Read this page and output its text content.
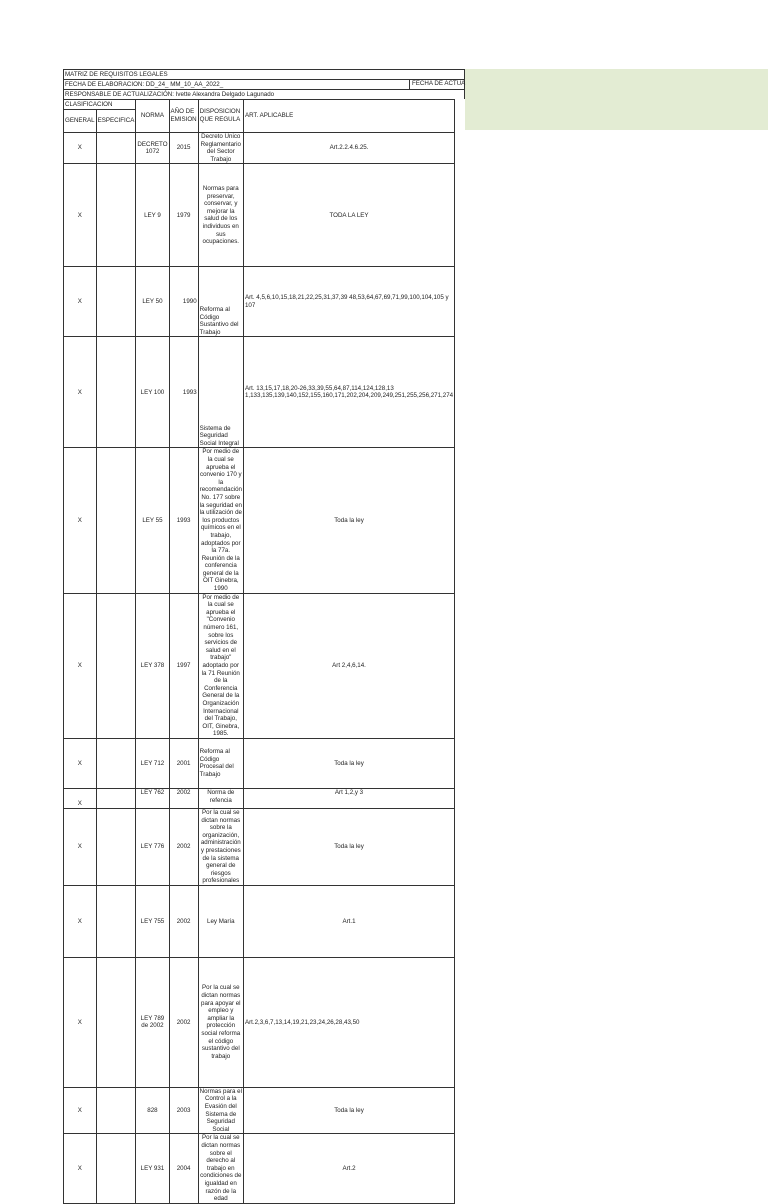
MATRIZ DE REQUISITOS LEGALES
FECHA DE ELABORACION: DD_24_ MM_10_AA_2022_
RESPONSABLE DE ACTUALIZACIÓN: Ivette Alexandra Delgado Lagunado
FECHA DE ACTUA
CLASIFICACION		NORMA	AÑO DE EMISION	DISPOSICION QUE REGULA	ART. APLICABLE
GENERAL	ESPECIFICA				
X		DECRETO 1072	2015	Decreto Único Reglamentario del Sector Trabajo	Art.2.2.4.6.25.
X		LEY 9	1979	Normas para preservar, conservar, y mejorar la salud de los individuos en sus ocupaciones.	TODA LA LEY
X		LEY 50	1990	Reforma al Código Sustantivo del Trabajo	Art. 4,5,6,10,15,18,21,22,25,31,37,39 48,53,64,67,69,71,99,100,104,105 y 107
X		LEY 100	1993	Sistema de Seguridad Social Integral	Art. 13,15,17,18,20-26,33,39,55,64,87,114,124,128,13 1,133,135,139,140,152,155,160,171,202,204,209,249,251,255,256,271,274
X		LEY 55	1993	Por medio de la cual se aprueba el convenio 170 y la recomendación No. 177 sobre la seguridad en la utilización de los productos químicos en el trabajo, adoptados por la 77a. Reunión de la conferencia general de la OIT Ginebra, 1990	Toda la ley
X		LEY 378	1997	Por medio de la cual se aprueba el "Convenio número 161, sobre los servicios de salud en el trabajo" adoptado por la 71 Reunión de la Conferencia General de la Organización Internacional del Trabajo, OIT, Ginebra, 1985.	Art 2,4,6,14.
X		LEY 712	2001	Reforma al Código Procesal del Trabajo	Toda la ley
X		LEY 762	2002	Norma de refencia	Art 1,2,y 3
X		LEY 776	2002	Por la cual se dictan normas sobre la organización, administración y prestaciones de la sistema general de riesgos profesionales	Toda la ley
X		LEY 755	2002	Ley María	Art.1
X		LEY 789 de 2002	2002	Por la cual se dictan normas para apoyar el empleo y ampliar la protección social reforma el código sustantivo del trabajo	Art.2,3,6,7,13,14,19,21,23,24,26,28,43,50
X		828	2003	Normas para el Control a la Evasión del Sistema de Seguridad Social	Toda la ley
X		LEY 931	2004	Por la cual se dictan normas sobre el derecho al trabajo en condiciones de igualdad en razón de la edad	Art.2
